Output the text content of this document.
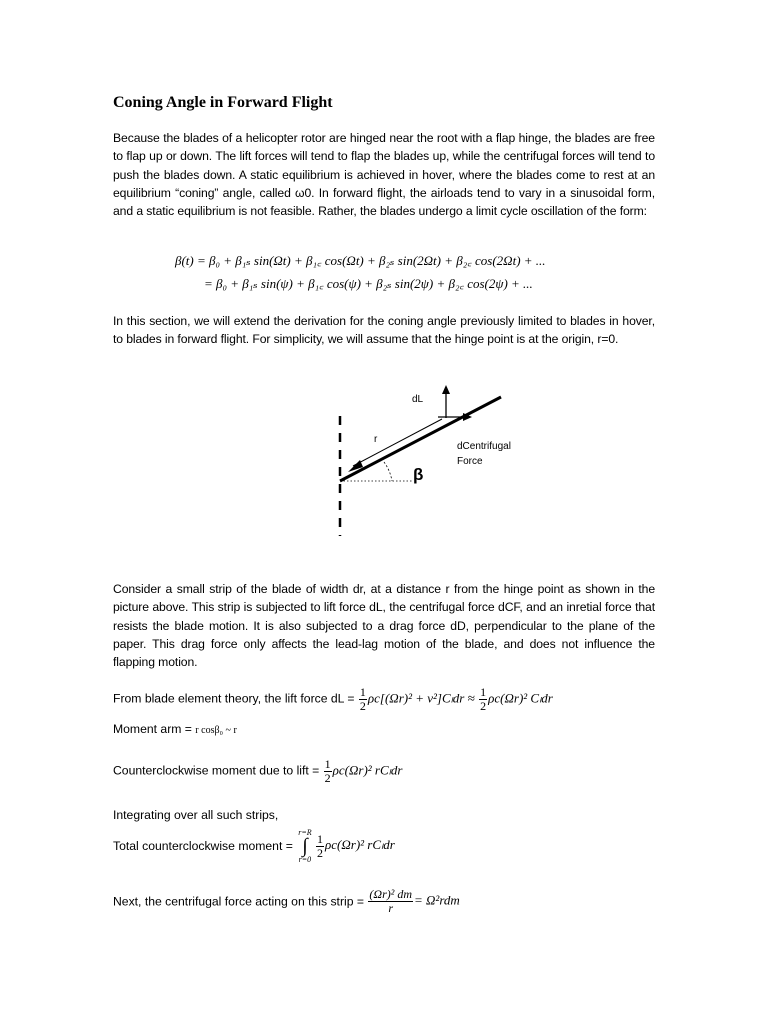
Coning Angle in Forward Flight

Because the blades of a helicopter rotor are hinged near the root with a flap hinge, the blades are free to flap up or down. The lift forces will tend to flap the blades up, while the centrifugal forces will tend to push the blades down. A static equilibrium is achieved in hover, where the blades come to rest at an equilibrium “coning” angle, called ω0. In forward flight, the airloads tend to vary in a sinusoidal form, and a static equilibrium is not feasible. Rather, the blades undergo a limit cycle oscillation of the form:

β(t) = β₀ + β₁ₛ sin(Ωt) + β₁꜀ cos(Ωt) + β₂ₛ sin(2Ωt) + β₂꜀ cos(2Ωt) + ...
= β₀ + β₁ₛ sin(ψ) + β₁꜀ cos(ψ) + β₂ₛ sin(2ψ) + β₂꜀ cos(2ψ) + ...

In this section, we will extend the derivation for the coning angle previously limited to blades in hover, to blades in forward flight. For simplicity, we will assume that the hinge point is at the origin, r=0.

dL
r
dCentrifugal
Force
β

Consider a small strip of the blade of width dr, at a distance r from the hinge point as shown in the picture above. This strip is subjected to lift force dL, the centrifugal force dCF, and an inretial force that resists the blade motion. It is also subjected to a drag force dD, perpendicular to the plane of the paper. This drag force only affects the lead-lag motion of the blade, and does not influence the flapping motion.

From blade element theory, the lift force dL = $\frac{1}{2} \rho c[(\Omega r)^2 + v^2]C_ldr \approx \frac{1}{2} \rho c(\Omega r)^2$ Cₗdr
Moment arm = r cosβ₀ ~ r
Counterclockwise moment due to lift = $\frac{1}{2} \rho c(\Omega r)^2$ rCₗdr
Integrating over all such strips,
Total counterclockwise moment =
r=R
∫
r=0
$\frac{1}{2} \rho c(\Omega r)^2$ rCₗdr
Next, the centrifugal force acting on this strip = $\frac{\text{(Ωr)² dm}}{r} = \Omega^2rdm$
